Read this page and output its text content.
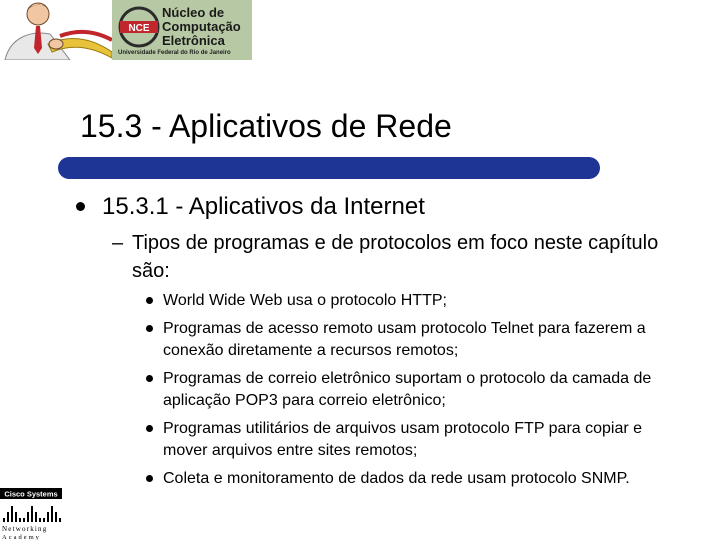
NCE
Núcleo de
Computação
Eletrônica
Universidade Federal do Rio de Janeiro
15.3 - Aplicativos de Rede
15.3.1 - Aplicativos da Internet
– Tipos de programas e de protocolos em foco neste capítulo são:
World Wide Web usa o protocolo HTTP;
Programas de acesso remoto usam protocolo Telnet para fazerem a conexão diretamente a recursos remotos;
Programas de correio eletrônico suportam o protocolo da camada de aplicação POP3 para correio eletrônico;
Programas utilitários de arquivos usam protocolo FTP para copiar e mover arquivos entre sites remotos;
Coleta e monitoramento de dados da rede usam protocolo SNMP.
Cisco Systems
Networking
Academy
